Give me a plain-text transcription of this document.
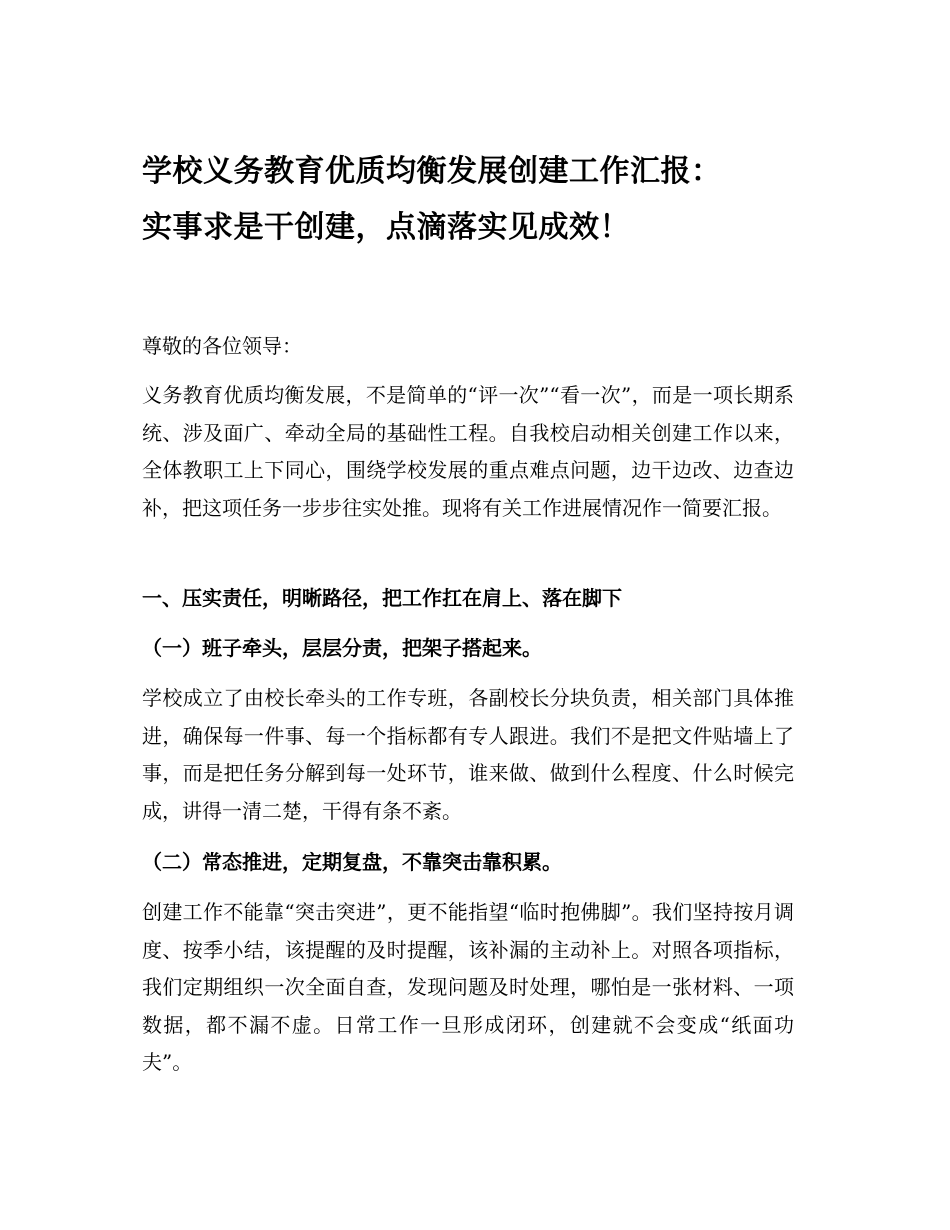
学校义务教育优质均衡发展创建工作汇报：
实事求是干创建，点滴落实见成效！

尊敬的各位领导：

义务教育优质均衡发展，不是简单的“评一次”“看一次”，而是一项长期系统、涉及面广、牵动全局的基础性工程。自我校启动相关创建工作以来，全体教职工上下同心，围绕学校发展的重点难点问题，边干边改、边查边补，把这项任务一步步往实处推。现将有关工作进展情况作一简要汇报。

一、压实责任，明晰路径，把工作扛在肩上、落在脚下
（一）班子牵头，层层分责，把架子搭起来。

学校成立了由校长牵头的工作专班，各副校长分块负责，相关部门具体推进，确保每一件事、每一个指标都有专人跟进。我们不是把文件贴墙上了事，而是把任务分解到每一处环节，谁来做、做到什么程度、什么时候完成，讲得一清二楚，干得有条不紊。

（二）常态推进，定期复盘，不靠突击靠积累。

创建工作不能靠“突击突进”，更不能指望“临时抱佛脚”。我们坚持按月调度、按季小结，该提醒的及时提醒，该补漏的主动补上。对照各项指标，我们定期组织一次全面自查，发现问题及时处理，哪怕是一张材料、一项数据，都不漏不虚。日常工作一旦形成闭环，创建就不会变成“纸面功夫”。
